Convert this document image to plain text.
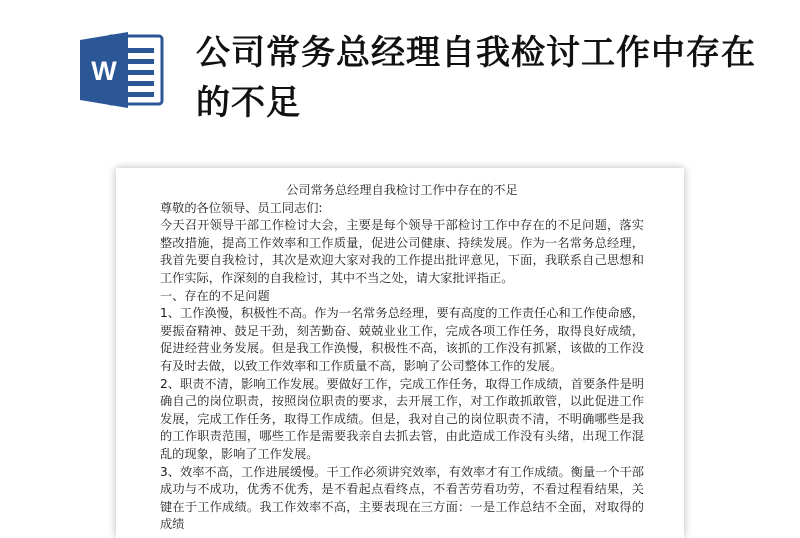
W 公司常务总经理自我检讨工作中存在的不足

公司常务总经理自我检讨工作中存在的不足

尊敬的各位领导、员工同志们:

今天召开领导干部工作检讨大会，主要是每个领导干部检讨工作中存在的不足问题，落实整改措施，提高工作效率和工作质量，促进公司健康、持续发展。作为一名常务总经理，我首先要自我检讨，其次是欢迎大家对我的工作提出批评意见，下面，我联系自己思想和工作实际，作深刻的自我检讨，其中不当之处，请大家批评指正。

一、存在的不足问题

1、工作涣慢，积极性不高。作为一名常务总经理，要有高度的工作责任心和工作使命感，要振奋精神、鼓足干劲，刻苦勤奋、兢兢业业工作，完成各项工作任务，取得良好成绩，促进经营业务发展。但是我工作涣慢，积极性不高，该抓的工作没有抓紧，该做的工作没有及时去做，以致工作效率和工作质量不高，影响了公司整体工作的发展。

2、职责不清，影响工作发展。要做好工作，完成工作任务，取得工作成绩，首要条件是明确自己的岗位职责，按照岗位职责的要求，去开展工作，对工作敢抓敢管，以此促进工作发展，完成工作任务，取得工作成绩。但是，我对自己的岗位职责不清，不明确哪些是我的工作职责范围，哪些工作是需要我亲自去抓去管，由此造成工作没有头绪，出现工作混乱的现象，影响了工作发展。

3、效率不高，工作进展缓慢。干工作必须讲究效率，有效率才有工作成绩。衡量一个干部成功与不成功，优秀不优秀，是不看起点看终点，不看苦劳看功劳，不看过程看结果，关键在于工作成绩。我工作效率不高，主要表现在三方面：一是工作总结不全面，对取得的成绩
